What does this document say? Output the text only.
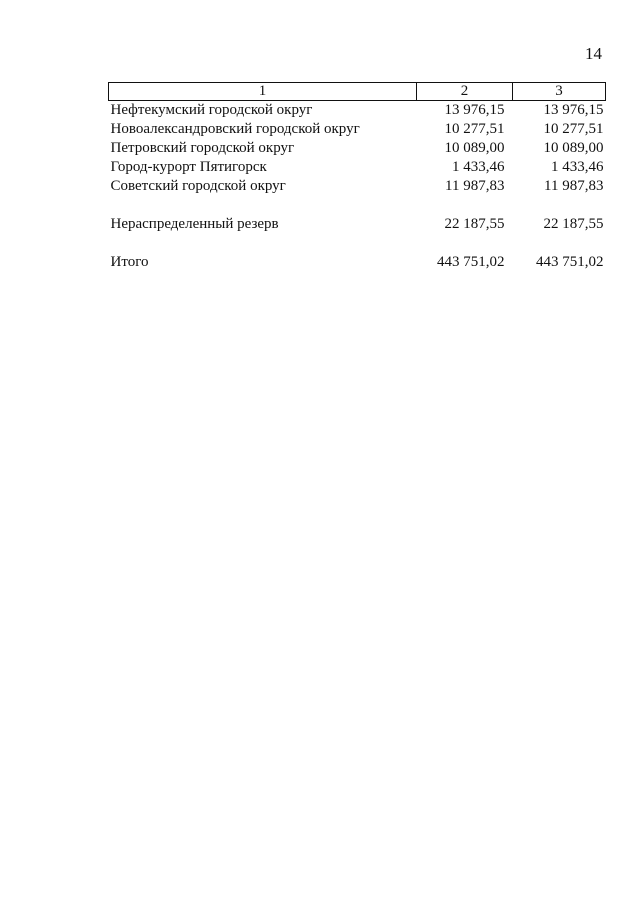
14
1	2	3
Нефтекумский городской округ	13 976,15	13 976,15
Новоалександровский городской округ	10 277,51	10 277,51
Петровский городской округ	10 089,00	10 089,00
Город-курорт Пятигорск	1 433,46	1 433,46
Советский городской округ	11 987,83	11 987,83

Нераспределенный резерв	22 187,55	22 187,55

Итого	443 751,02	443 751,02
